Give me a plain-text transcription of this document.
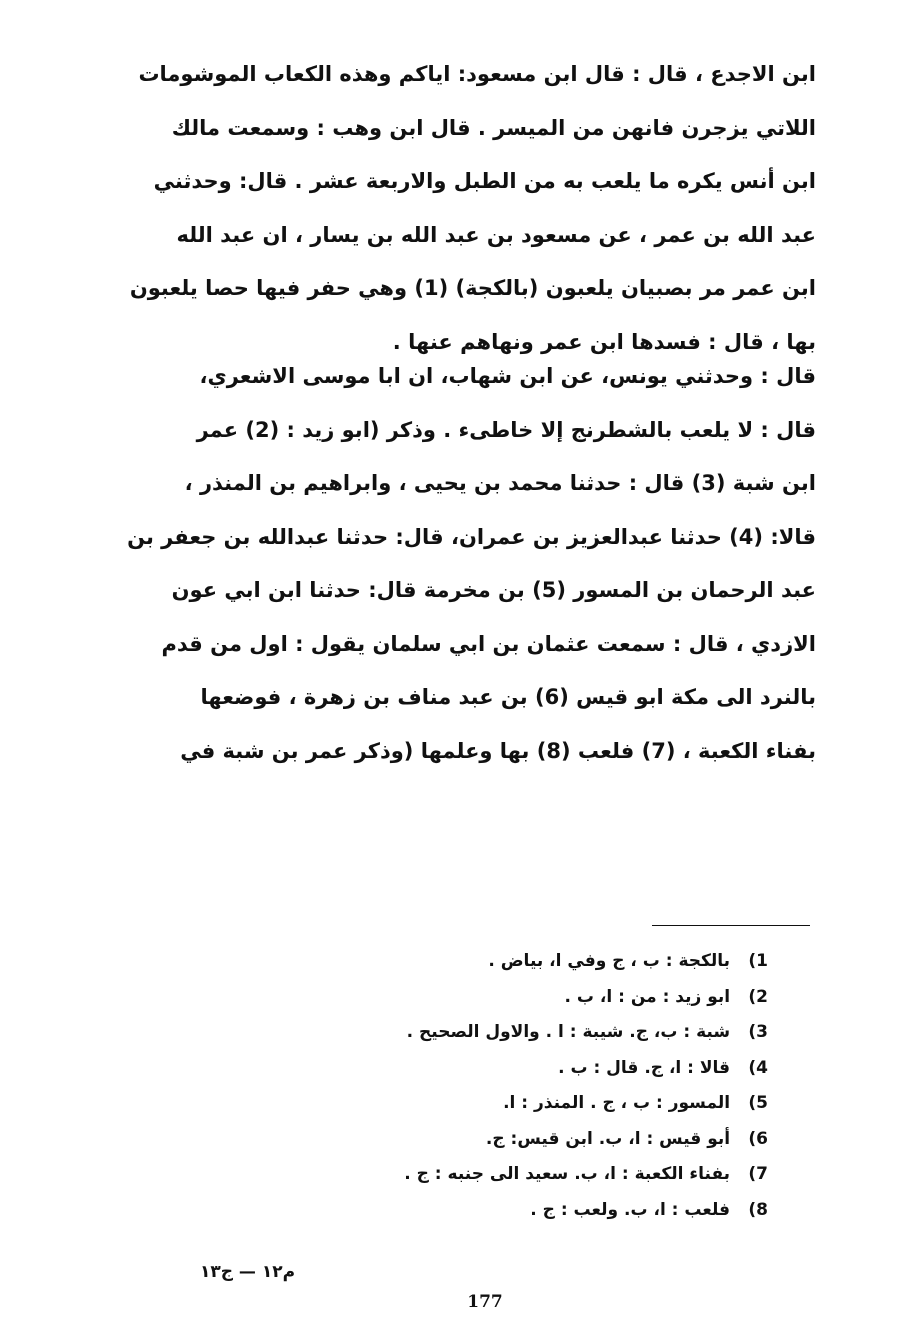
ابن الاجدع ، قال : قال ابن مسعود: اياكم وهذه الكعاب الموشومات
اللاتي يزجرن فانهن من الميسر . قال ابن وهب : وسمعت مالك
ابن أنس يكره ما يلعب به من الطبل والاربعة عشر . قال: وحدثني
عبد الله بن عمر ، عن مسعود بن عبد الله بن يسار ، ان عبد الله
ابن عمر مر بصبيان يلعبون (بالكجة) (1) وهي حفر فيها حصا يلعبون
بها ، قال : فسدها ابن عمر ونهاهم عنها .

قال : وحدثني يونس، عن ابن شهاب، ان ابا موسى الاشعري،
قال : لا يلعب بالشطرنج إلا خاطىء . وذكر (ابو زيد : (2) عمر
ابن شبة (3) قال : حدثنا محمد بن يحيى ، وابراهيم بن المنذر ،
قالا: (4) حدثنا عبدالعزيز بن عمران، قال: حدثنا عبدالله بن جعفر بن
عبد الرحمان بن المسور (5) بن مخرمة قال: حدثنا ابن ابي عون
الازدي ، قال : سمعت عثمان بن ابي سلمان يقول : اول من قدم
بالنرد الى مكة ابو قيس (6) بن عبد مناف بن زهرة ، فوضعها
بفناء الكعبة ، (7) فلعب (8) بها وعلمها (وذكر عمر بن شبة في

1) بالكجة : ب ، ج وفي ا، بياض .
2) ابو زيد : من : ا، ب .
3) شبة : ب، ج. شيبة : ا . والاول الصحيح .
4) قالا : ا، ج. قال : ب .
5) المسور : ب ، ج . المنذر : ا.
6) أبو قيس : ا، ب. ابن قيس: ج.
7) بفناء الكعبة : ا، ب. سعيد الى جنبه : ج .
8) فلعب : ا، ب. ولعب : ج .
م١٢ — ج١٣
177
